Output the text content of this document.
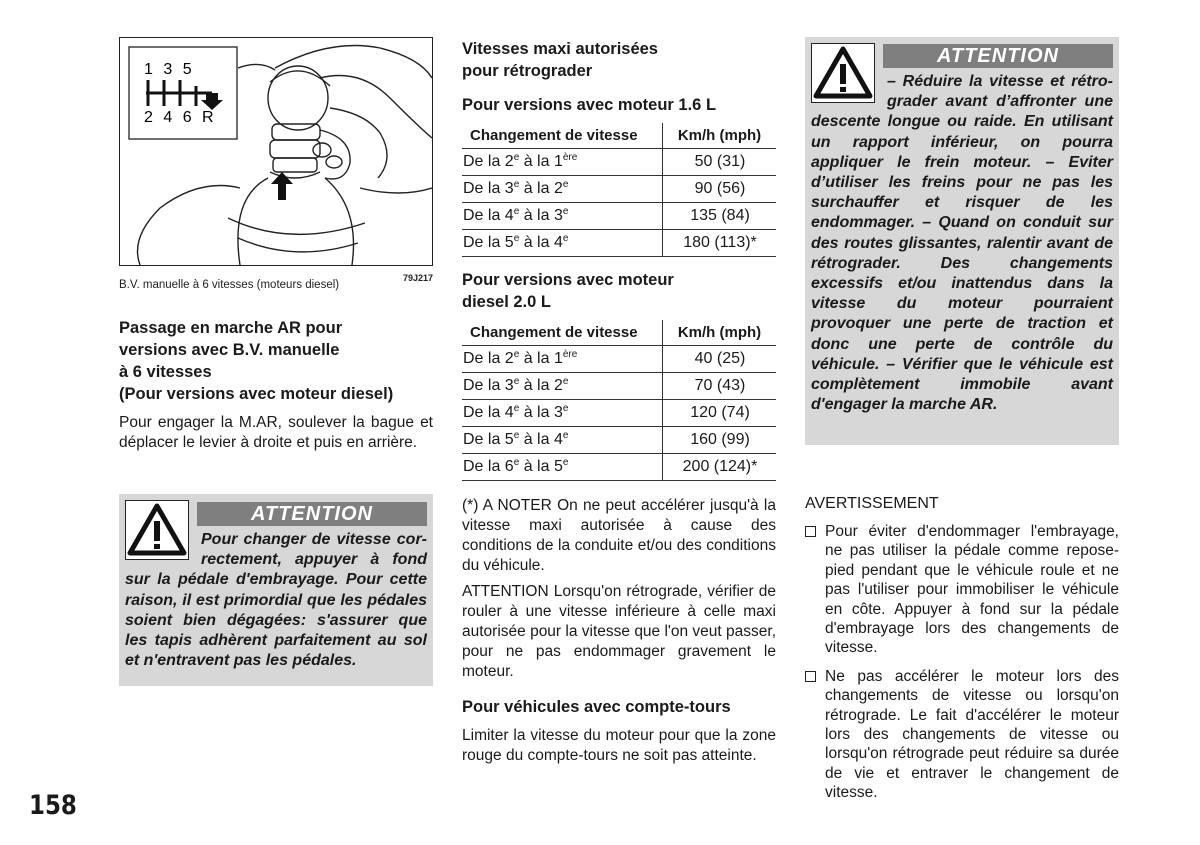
1 3 5
2 4 6 R
B.V. manuelle à 6 vitesses (moteurs diesel)
79J217

Passage en marche AR pour

versions avec B.V. manuelle

à 6 vitesses

(Pour versions avec moteur diesel)

Pour engager la M.AR, soulever la bague et déplacer le levier à droite et puis en arrière.

ATTENTION
Pour changer de vitesse cor-
rectement, appuyer à fond
sur la pédale d'embrayage. Pour cette raison, il est primordial que les pédales soient bien dégagées: s'assurer que les tapis adhèrent parfaitement au sol et n'entravent pas les pédales.

Vitesses maxi autorisées

pour rétrograder

Pour versions avec moteur 1.6 L

Changement de vitesse	Km/h (mph)
De la 2e à la 1ère	50 (31)
De la 3e à la 2e	90 (56)
De la 4e à la 3e	135 (84)
De la 5e à la 4e	180 (113)*

Pour versions avec moteur

diesel 2.0 L

Changement de vitesse	Km/h (mph)
De la 2e à la 1ère	40 (25)
De la 3e à la 2e	70 (43)
De la 4e à la 3e	120 (74)
De la 5e à la 4e	160 (99)
De la 6e à la 5e	200 (124)*

(*) A NOTER On ne peut accélérer jusqu'à la vitesse maxi autorisée à cause des conditions de la conduite et/ou des conditions du véhicule.

ATTENTION Lorsqu'on rétrograde, vérifier de rouler à une vitesse inférieure à celle maxi autorisée pour la vitesse que l'on veut passer, pour ne pas endommager gravement le moteur.

Pour véhicules avec compte-tours

Limiter la vitesse du moteur pour que la zone rouge du compte-tours ne soit pas atteinte.

ATTENTION
– Réduire la vitesse et rétro-
grader avant d’affronter une
descente longue ou raide. En utilisant un rapport inférieur, on pourra appliquer le frein moteur. – Eviter d’utiliser les freins pour ne pas les surchauffer et risquer de les endommager. – Quand on conduit sur des routes glissantes, ralentir avant de rétrograder. Des changements excessifs et/ou inattendus dans la vitesse du moteur pourraient provoquer une perte de traction et donc une perte de contrôle du véhicule. – Vérifier que le véhicule est complètement immobile avant d'engager la marche AR.

AVERTISSEMENT

Pour éviter d'endommager l'embrayage, ne pas utiliser la pédale comme repose-pied pendant que le véhicule roule et ne pas l'utiliser pour immobiliser le véhicule en côte. Appuyer à fond sur la pédale d'embrayage lors des changements de vitesse.
Ne pas accélérer le moteur lors des changements de vitesse ou lorsqu'on rétrograde. Le fait d'accélérer le moteur lors des changements de vitesse ou lorsqu'on rétrograde peut réduire sa durée de vie et entraver le changement de vitesse.
158
